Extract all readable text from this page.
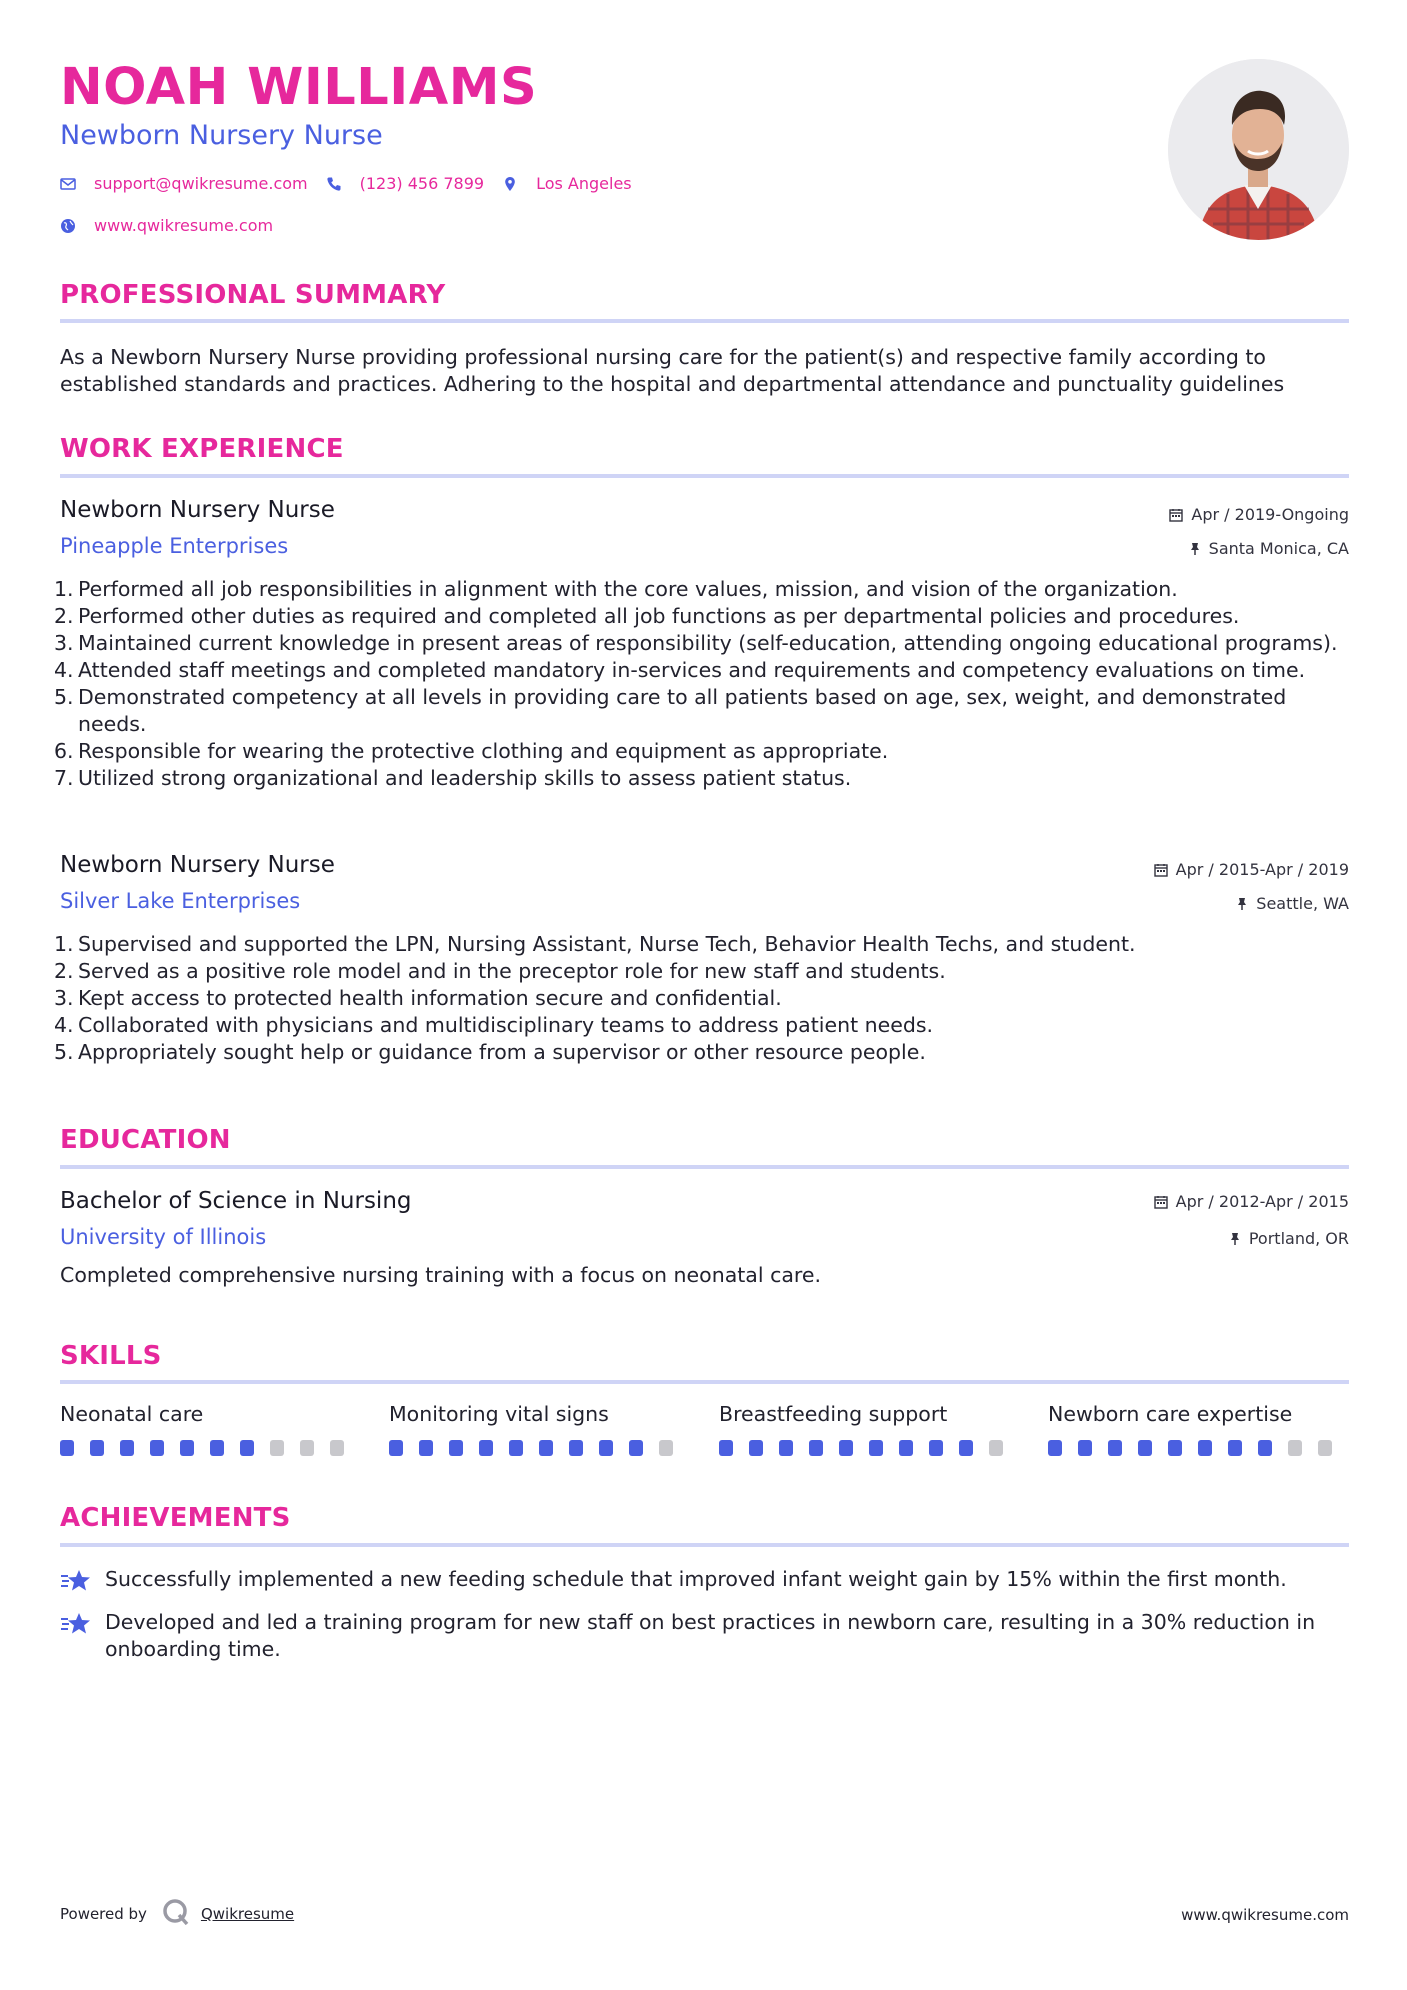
NOAH WILLIAMS
Newborn Nursery Nurse
support@qwikresume.com	(123) 456 7899	Los Angeles
www.qwikresume.com
PROFESSIONAL SUMMARY
As a Newborn Nursery Nurse providing professional nursing care for the patient(s) and respective family according to established standards and practices. Adhering to the hospital and departmental attendance and punctuality guidelines
WORK EXPERIENCE
Newborn Nursery Nurse	Apr / 2019-Ongoing
Pineapple Enterprises	Santa Monica, CA
1. Performed all job responsibilities in alignment with the core values, mission, and vision of the organization.
2. Performed other duties as required and completed all job functions as per departmental policies and procedures.
3. Maintained current knowledge in present areas of responsibility (self-education, attending ongoing educational programs).
4. Attended staff meetings and completed mandatory in-services and requirements and competency evaluations on time.
5. Demonstrated competency at all levels in providing care to all patients based on age, sex, weight, and demonstrated needs.
6. Responsible for wearing the protective clothing and equipment as appropriate.
7. Utilized strong organizational and leadership skills to assess patient status.
Newborn Nursery Nurse	Apr / 2015-Apr / 2019
Silver Lake Enterprises	Seattle, WA
1. Supervised and supported the LPN, Nursing Assistant, Nurse Tech, Behavior Health Techs, and student.
2. Served as a positive role model and in the preceptor role for new staff and students.
3. Kept access to protected health information secure and confidential.
4. Collaborated with physicians and multidisciplinary teams to address patient needs.
5. Appropriately sought help or guidance from a supervisor or other resource people.
EDUCATION
Bachelor of Science in Nursing	Apr / 2012-Apr / 2015
University of Illinois	Portland, OR
Completed comprehensive nursing training with a focus on neonatal care.
SKILLS
Neonatal care	Monitoring vital signs	Breastfeeding support	Newborn care expertise
ACHIEVEMENTS
Successfully implemented a new feeding schedule that improved infant weight gain by 15% within the first month.
Developed and led a training program for new staff on best practices in newborn care, resulting in a 30% reduction in onboarding time.
Powered by	Qwikresume	www.qwikresume.com
